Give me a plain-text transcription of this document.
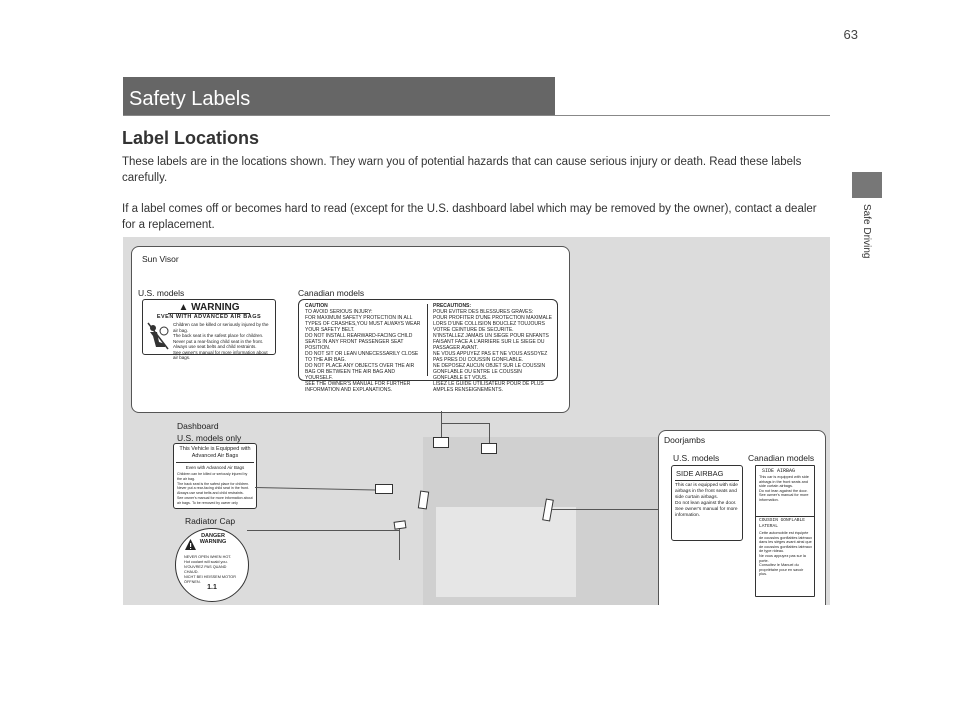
63
Safe Driving
Safety Labels
Label Locations
These labels are in the locations shown. They warn you of potential hazards that can cause serious injury or death. Read these labels carefully.
If a label comes off or becomes hard to read (except for the U.S. dashboard label which may be removed by the owner), contact a dealer for a replacement.
Sun Visor
U.S. models	Canadian models
▲ WARNING
EVEN WITH ADVANCED AIR BAGS
Children can be killed or seriously injured by the air bag.
The back seat is the safest place for children.
Never put a rear-facing child seat in the front.
Always use seat belts and child restraints.
See owner's manual for more information about air bags.
CAUTION
TO AVOID SERIOUS INJURY:
FOR MAXIMUM SAFETY PROTECTION IN ALL TYPES OF CRASHES,YOU MUST ALWAYS WEAR YOUR SAFETY BELT.
DO NOT INSTALL REARWARD-FACING CHILD SEATS IN ANY FRONT PASSENGER SEAT POSITION.
DO NOT SIT OR LEAN UNNECESSARILY CLOSE TO THE AIR BAG.
DO NOT PLACE ANY OBJECTS OVER THE AIR BAG OR BETWEEN THE AIR BAG AND YOURSELF.
SEE THE OWNER'S MANUAL FOR FURTHER INFORMATION AND EXPLANATIONS.
PRECAUTIONS:
POUR EVITER DES BLESSURES GRAVES:
POUR PROFITER D'UNE PROTECTION MAXIMALE LORS D'UNE COLLISION BOUCLEZ TOUJOURS VOTRE CEINTURE DE SECURITE.
N'INSTALLEZ JAMAIS UN SIEGE POUR ENFANTS FAISANT FACE A L'ARRIERE SUR LE SIEGE DU PASSAGER AVANT.
NE VOUS APPUYEZ PAS ET NE VOUS ASSOYEZ PAS PRES DU COUSSIN GONFLABLE.
NE DEPOSEZ AUCUN OBJET SUR LE COUSSIN GONFLABLE OU ENTRE LE COUSSIN GONFLABLE ET VOUS.
LISEZ LE GUIDE UTILISATEUR POUR DE PLUS AMPLES RENSEIGNEMENTS.
Dashboard
U.S. models only
This Vehicle is Equipped with Advanced Air Bags
Even with Advanced Air Bags
Children can be killed or seriously injured by the air bag.
The back seat is the safest place for children.
Never put a rear-facing child seat in the front.
Always use seat belts and child restraints.
See owner's manual for more information about air bags. To be removed by owner only
Radiator Cap
DANGER
WARNING
NEVER OPEN WHEN HOT.
Hot coolant will scald you.
N'OUVREZ PAS QUAND CHAUD.
NICHT BEI HEISSEM MOTOR ÖFFNEN.
1.1
Doorjambs
U.S. models	Canadian models
SIDE AIRBAG
This car is equipped with side airbags in the front seats and side curtain airbags.
Do not lean against the door.
See owner's manual for more information.
SIDE AIRBAG
This car is equipped with side airbags in the front seats and side curtain airbags.
Do not lean against the door.
See owner's manual for more information.
COUSSIN GONFLABLE LATERAL
Cette automobile est équipée de coussins gonflables latéraux dans les sièges avant ainsi que de coussins gonflables latéraux de type rideau.
Ne vous appuyez pas sur la porte.
Consultez le Manuel du propriétaire pour en savoir plus.
